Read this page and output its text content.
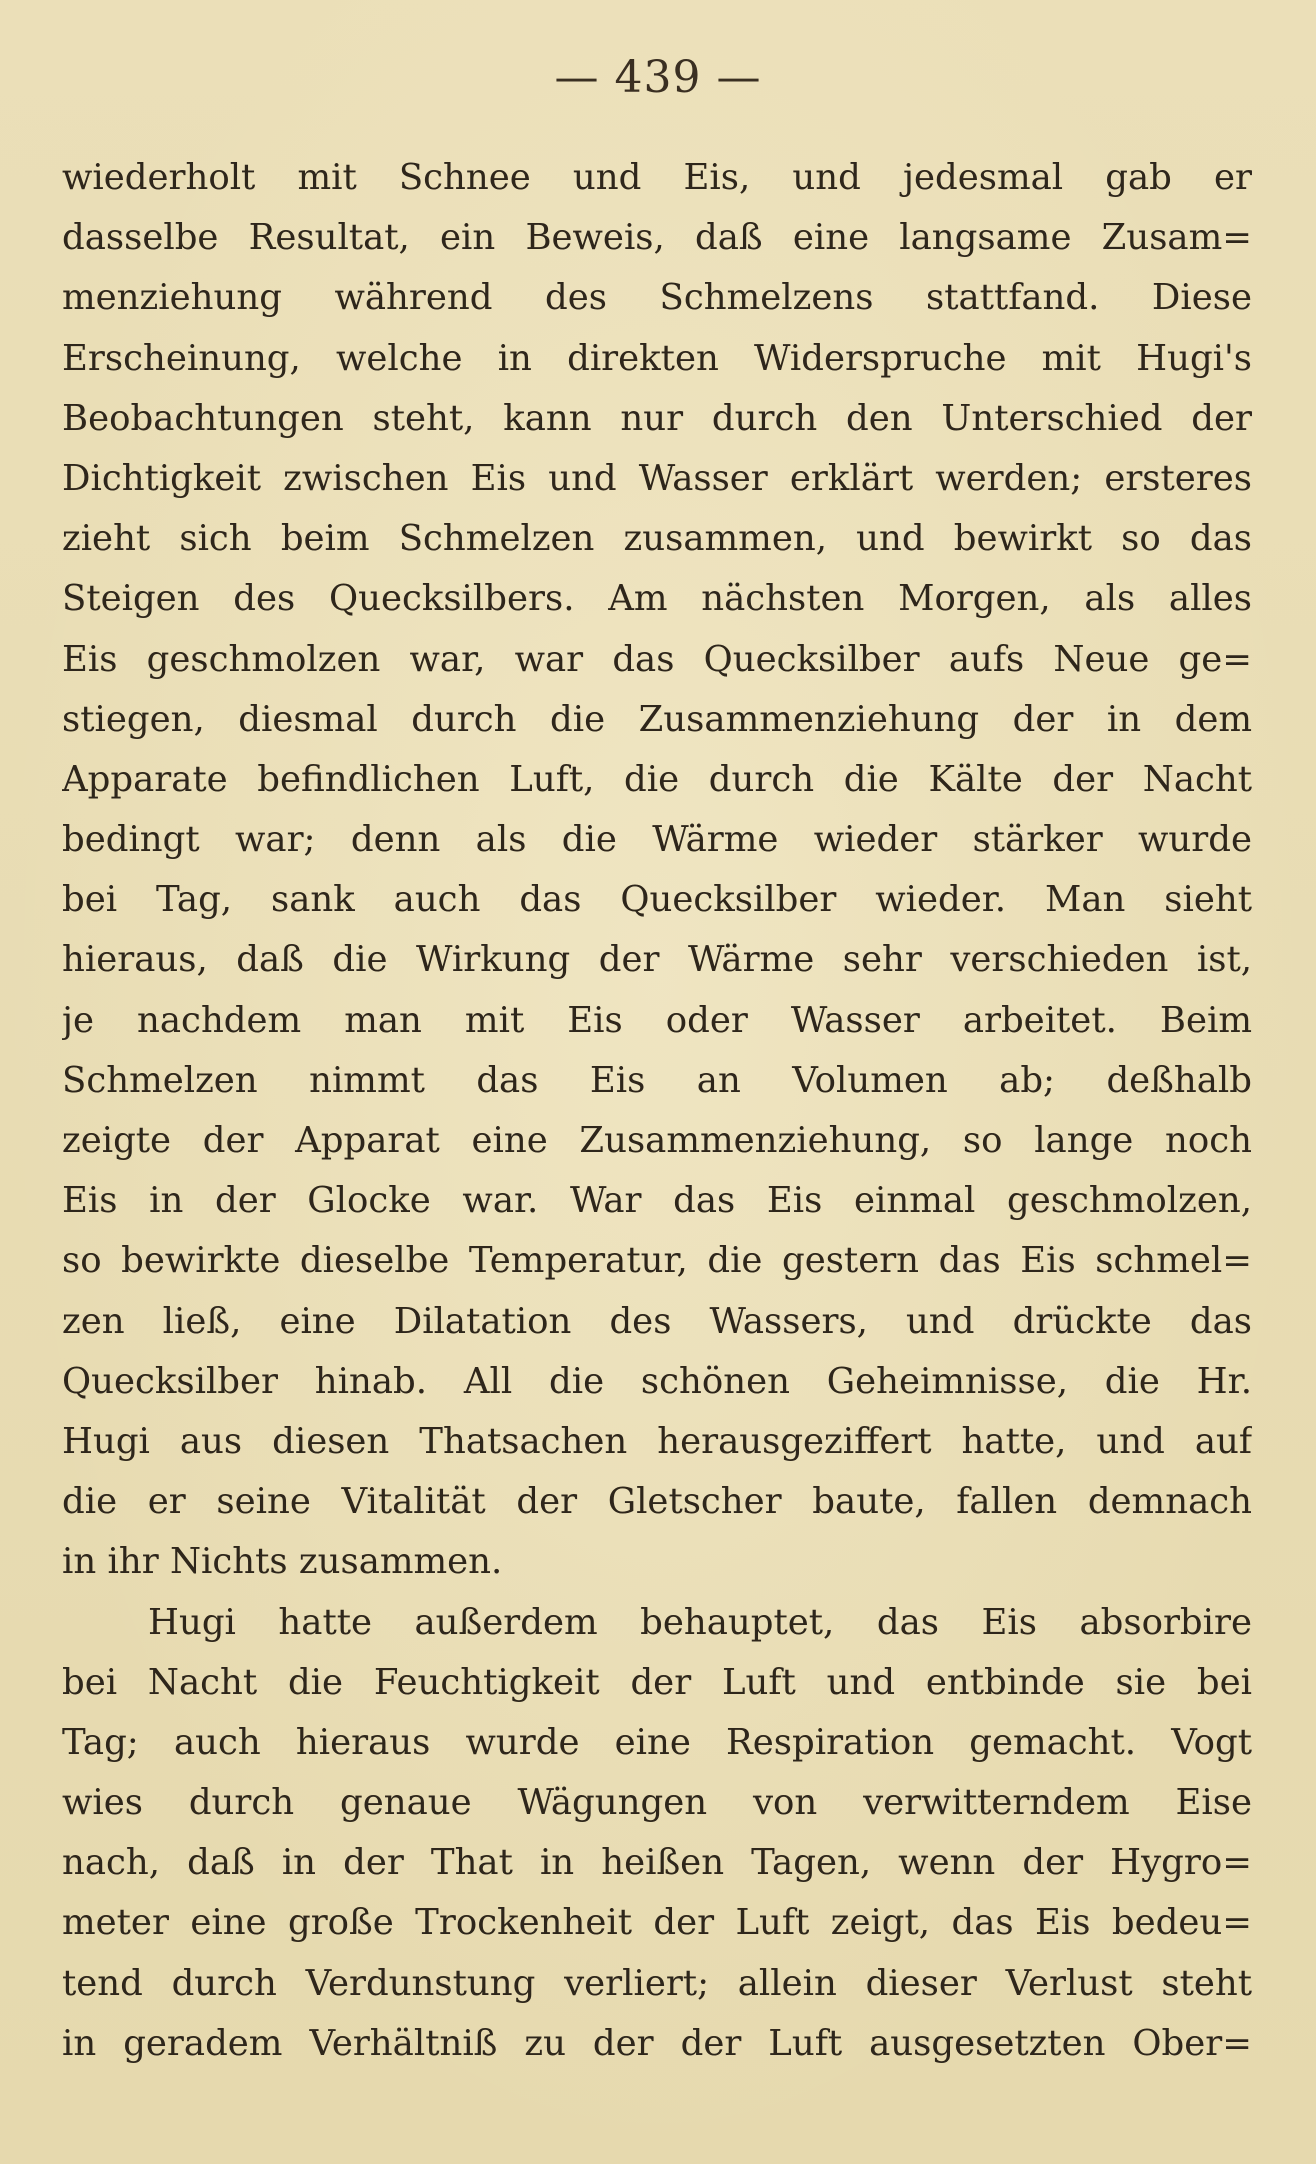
— 439 —
wiederholt mit Schnee und Eis, und jedesmal gab er
dasselbe Resultat, ein Beweis, daß eine langsame Zusam=
menziehung während des Schmelzens stattfand. Diese
Erscheinung, welche in direkten Widerspruche mit Hugi's
Beobachtungen steht, kann nur durch den Unterschied der
Dichtigkeit zwischen Eis und Wasser erklärt werden; ersteres
zieht sich beim Schmelzen zusammen, und bewirkt so das
Steigen des Quecksilbers. Am nächsten Morgen, als alles
Eis geschmolzen war, war das Quecksilber aufs Neue ge=
stiegen, diesmal durch die Zusammenziehung der in dem
Apparate befindlichen Luft, die durch die Kälte der Nacht
bedingt war; denn als die Wärme wieder stärker wurde
bei Tag, sank auch das Quecksilber wieder. Man sieht
hieraus, daß die Wirkung der Wärme sehr verschieden ist,
je nachdem man mit Eis oder Wasser arbeitet. Beim
Schmelzen nimmt das Eis an Volumen ab; deßhalb
zeigte der Apparat eine Zusammenziehung, so lange noch
Eis in der Glocke war. War das Eis einmal geschmolzen,
so bewirkte dieselbe Temperatur, die gestern das Eis schmel=
zen ließ, eine Dilatation des Wassers, und drückte das
Quecksilber hinab. All die schönen Geheimnisse, die Hr.
Hugi aus diesen Thatsachen herausgeziffert hatte, und auf
die er seine Vitalität der Gletscher baute, fallen demnach
in ihr Nichts zusammen.
Hugi hatte außerdem behauptet, das Eis absorbire
bei Nacht die Feuchtigkeit der Luft und entbinde sie bei
Tag; auch hieraus wurde eine Respiration gemacht. Vogt
wies durch genaue Wägungen von verwitterndem Eise
nach, daß in der That in heißen Tagen, wenn der Hygro=
meter eine große Trockenheit der Luft zeigt, das Eis bedeu=
tend durch Verdunstung verliert; allein dieser Verlust steht
in geradem Verhältniß zu der der Luft ausgesetzten Ober=
